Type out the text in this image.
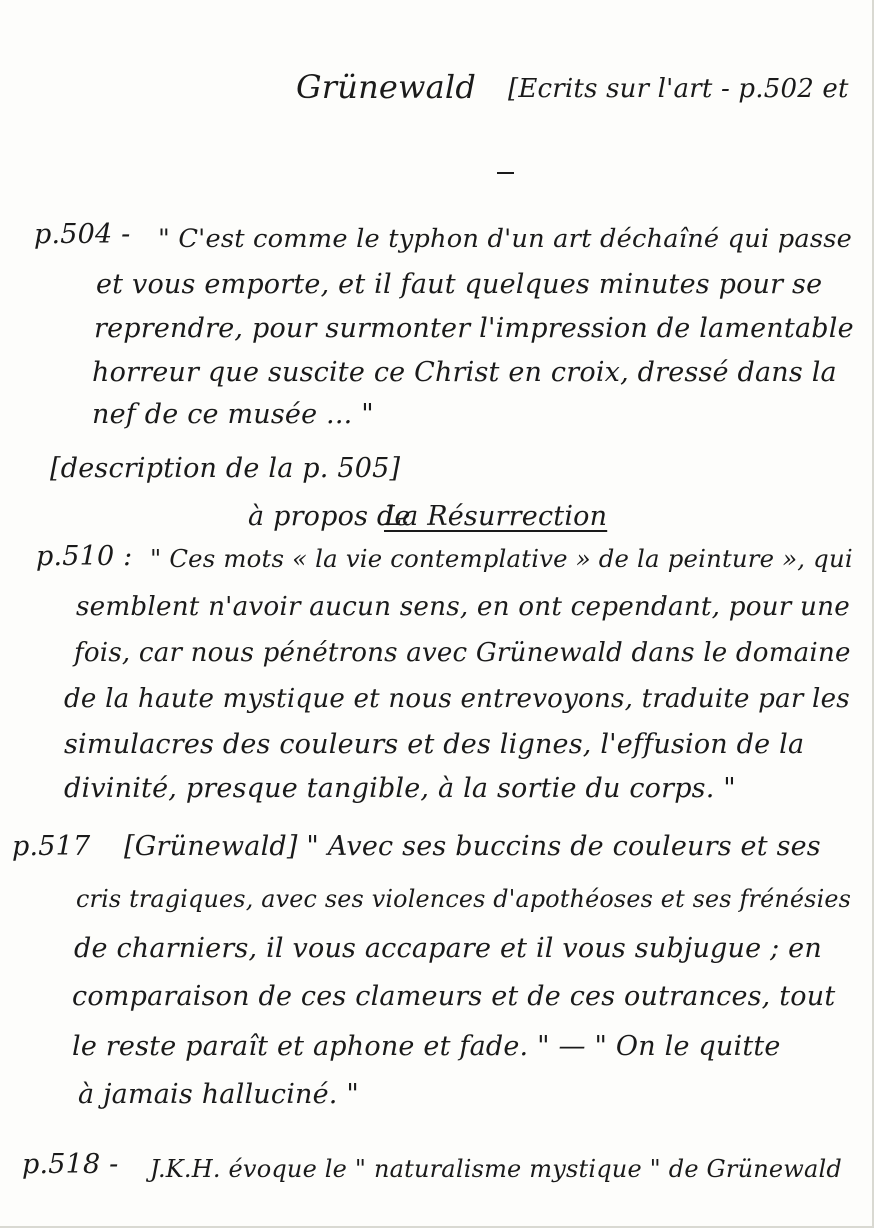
Grünewald [Ecrits sur l'art - p.502 et
p.504 - " C'est comme le typhon d'un art déchaîné qui passe
et vous emporte, et il faut quelques minutes pour se
reprendre, pour surmonter l'impression de lamentable
horreur que suscite ce Christ en croix, dressé dans la
nef de ce musée ... "
[description de la p. 505]
à propos de
La Résurrection
p.510 : " Ces mots « la vie contemplative » de la peinture », qui
semblent n'avoir aucun sens, en ont cependant, pour une
fois, car nous pénétrons avec Grünewald dans le domaine
de la haute mystique et nous entrevoyons, traduite par les
simulacres des couleurs et des lignes, l'effusion de la
divinité, presque tangible, à la sortie du corps. "
p.517 [Grünewald] " Avec ses buccins de couleurs et ses
cris tragiques, avec ses violences d'apothéoses et ses frénésies
de charniers, il vous accapare et il vous subjugue ; en
comparaison de ces clameurs et de ces outrances, tout
le reste paraît et aphone et fade. " — " On le quitte
à jamais halluciné. "
p.518 - J.K.H. évoque le " naturalisme mystique " de Grünewald
